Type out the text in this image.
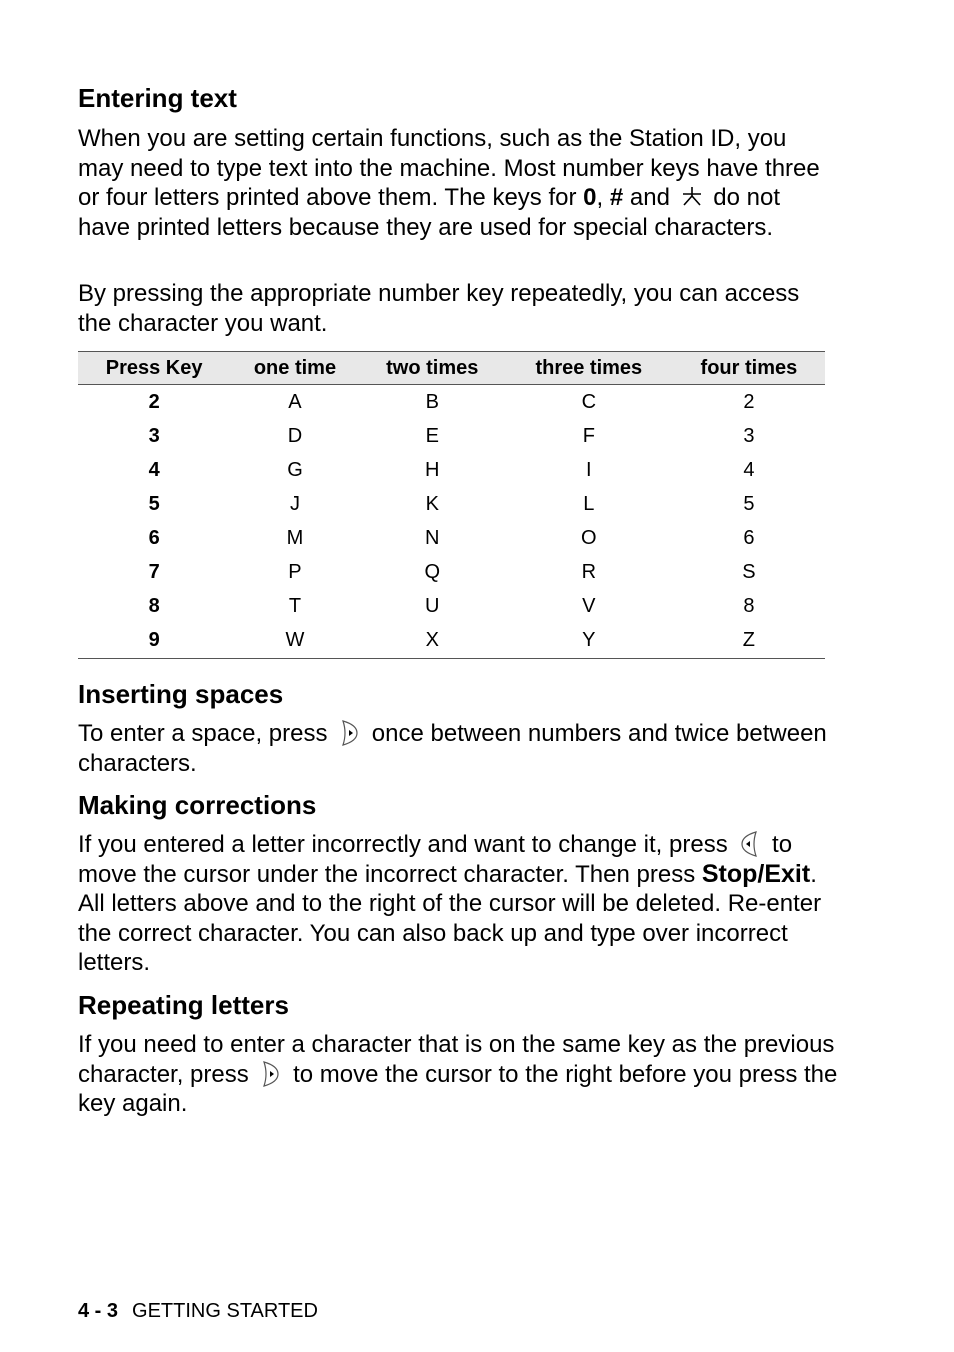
Entering text

When you are setting certain functions, such as the Station ID, you may need to type text into the machine. Most number keys have three or four letters printed above them. The keys for 0, # and  do not have printed letters because they are used for special characters.

By pressing the appropriate number key repeatedly, you can access the character you want.

Press Key	one time	two times	three times	four times
2	A	B	C	2
3	D	E	F	3
4	G	H	I	4
5	J	K	L	5
6	M	N	O	6
7	P	Q	R	S
8	T	U	V	8
9	W	X	Y	Z
Inserting spaces

To enter a space, press
once between numbers and twice between characters.

Making corrections

If you entered a letter incorrectly and want to change it, press
to move the cursor under the incorrect character. Then press Stop/Exit. All letters above and to the right of the cursor will be deleted. Re-enter the correct character. You can also back up and type over incorrect letters.

Repeating letters

If you need to enter a character that is on the same key as the previous character, press
to move the cursor to the right before you press the key again.

4 - 3 GETTING STARTED
